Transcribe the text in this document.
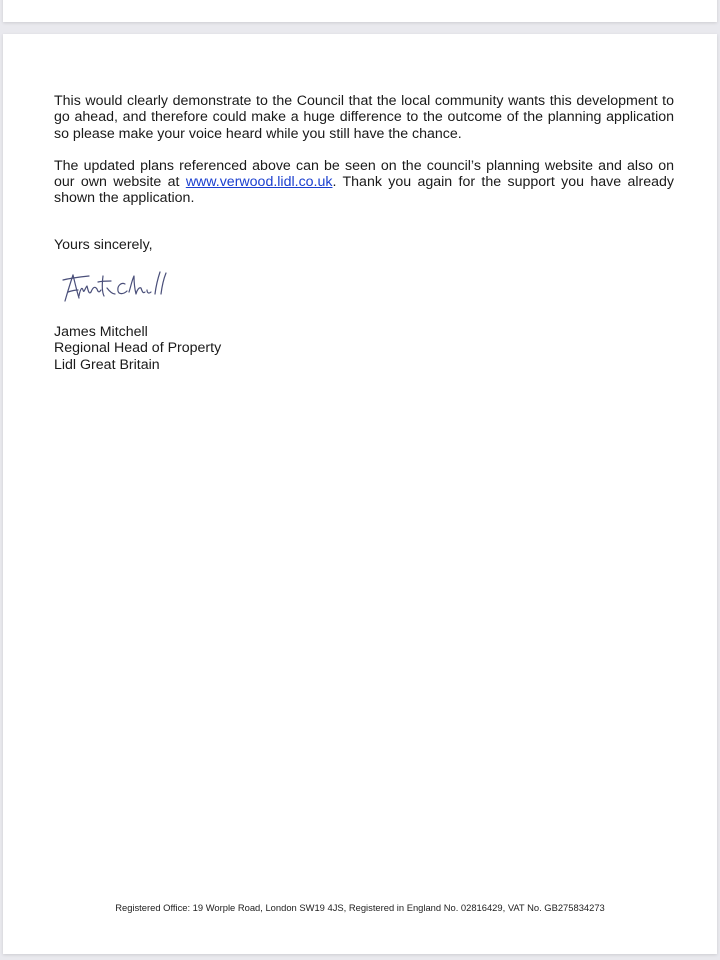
This would clearly demonstrate to the Council that the local community wants this development to go ahead, and therefore could make a huge difference to the outcome of the planning application so please make your voice heard while you still have the chance.

The updated plans referenced above can be seen on the council’s planning website and also on our own website at www.verwood.lidl.co.uk. Thank you again for the support you have already shown the application.

Yours sincerely,

James Mitchell
Regional Head of Property
Lidl Great Britain
Registered Office: 19 Worple Road, London SW19 4JS, Registered in England No. 02816429, VAT No. GB275834273
